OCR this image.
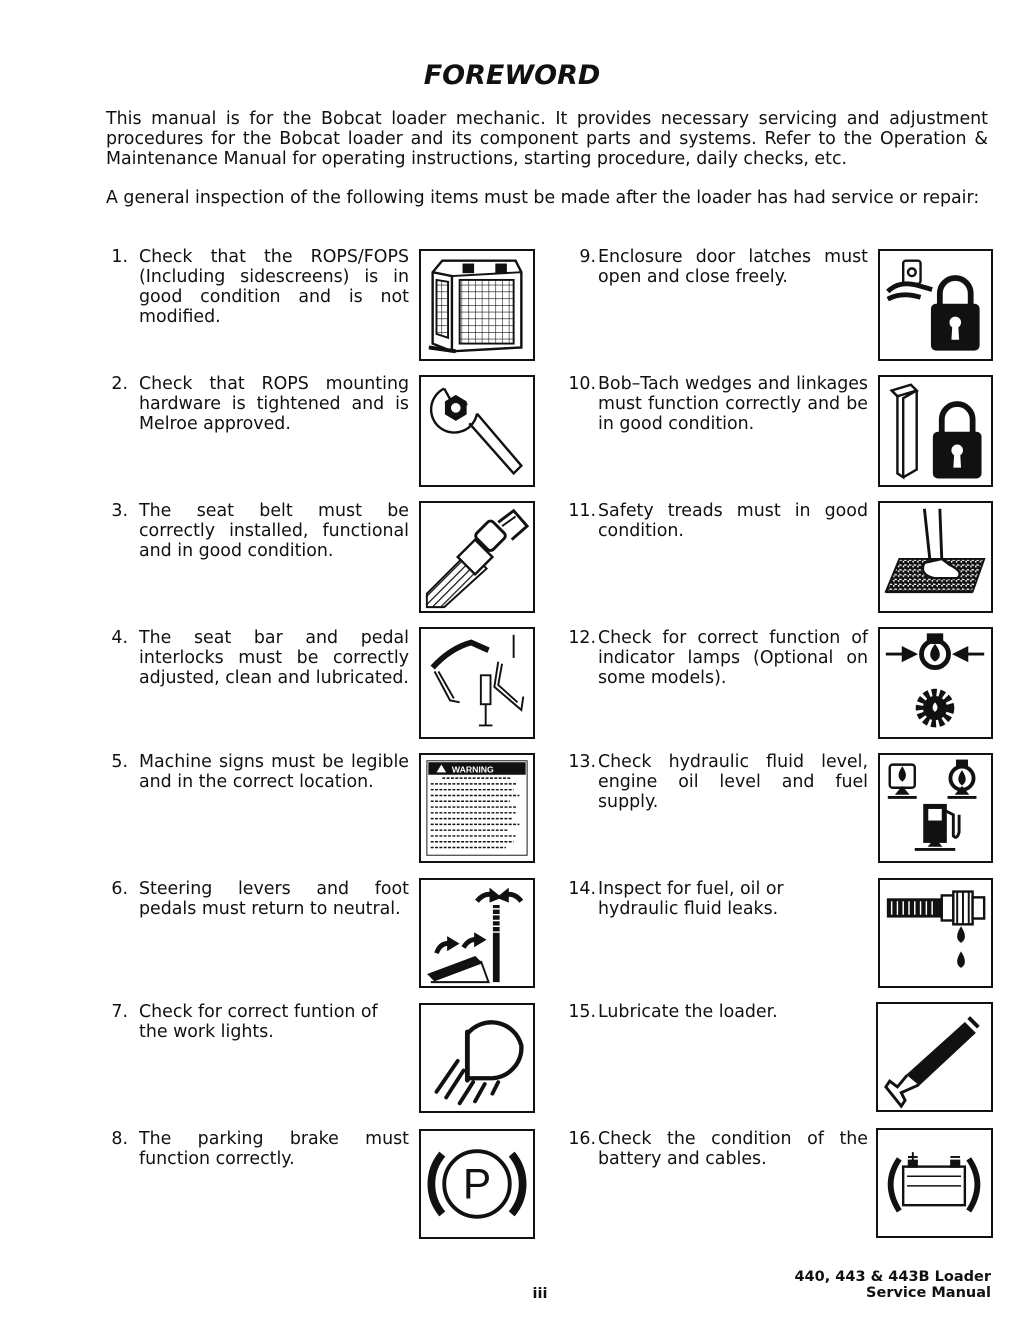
FOREWORD

This manual is for the Bobcat loader mechanic. It provides necessary servicing and adjustment procedures for the Bobcat loader and its component parts and systems. Refer to the Operation & Maintenance Manual for operating instructions, starting procedure, daily checks, etc.

A general inspection of the following items must be made after the loader has had service or repair:

1. Check that the ROPS/FOPS (Including sidescreens) is in good condition and is not modified.
2. Check that ROPS mounting hardware is tightened and is Melroe approved.
3. The seat belt must be correctly installed, functional and in good condition.
4. The seat bar and pedal interlocks must be correctly adjusted, clean and lubricated.
5. Machine signs must be legible and in the correct location.
6. Steering levers and foot pedals must return to neutral.
7. Check for correct funtion of the work lights.
8. The parking brake must function correctly.
9. Enclosure door latches must open and close freely.
10. Bob–Tach wedges and linkages must function correctly and be in good condition.
11. Safety treads must in good condition.
12. Check for correct function of indicator lamps (Optional on some models).
13. Check hydraulic fluid level, engine oil level and fuel supply.
14. Inspect for fuel, oil or hydraulic fluid leaks.
15. Lubricate the loader.
16. Check the condition of the battery and cables.
WARNING
P
iii
440, 443 & 443B Loader
Service Manual
